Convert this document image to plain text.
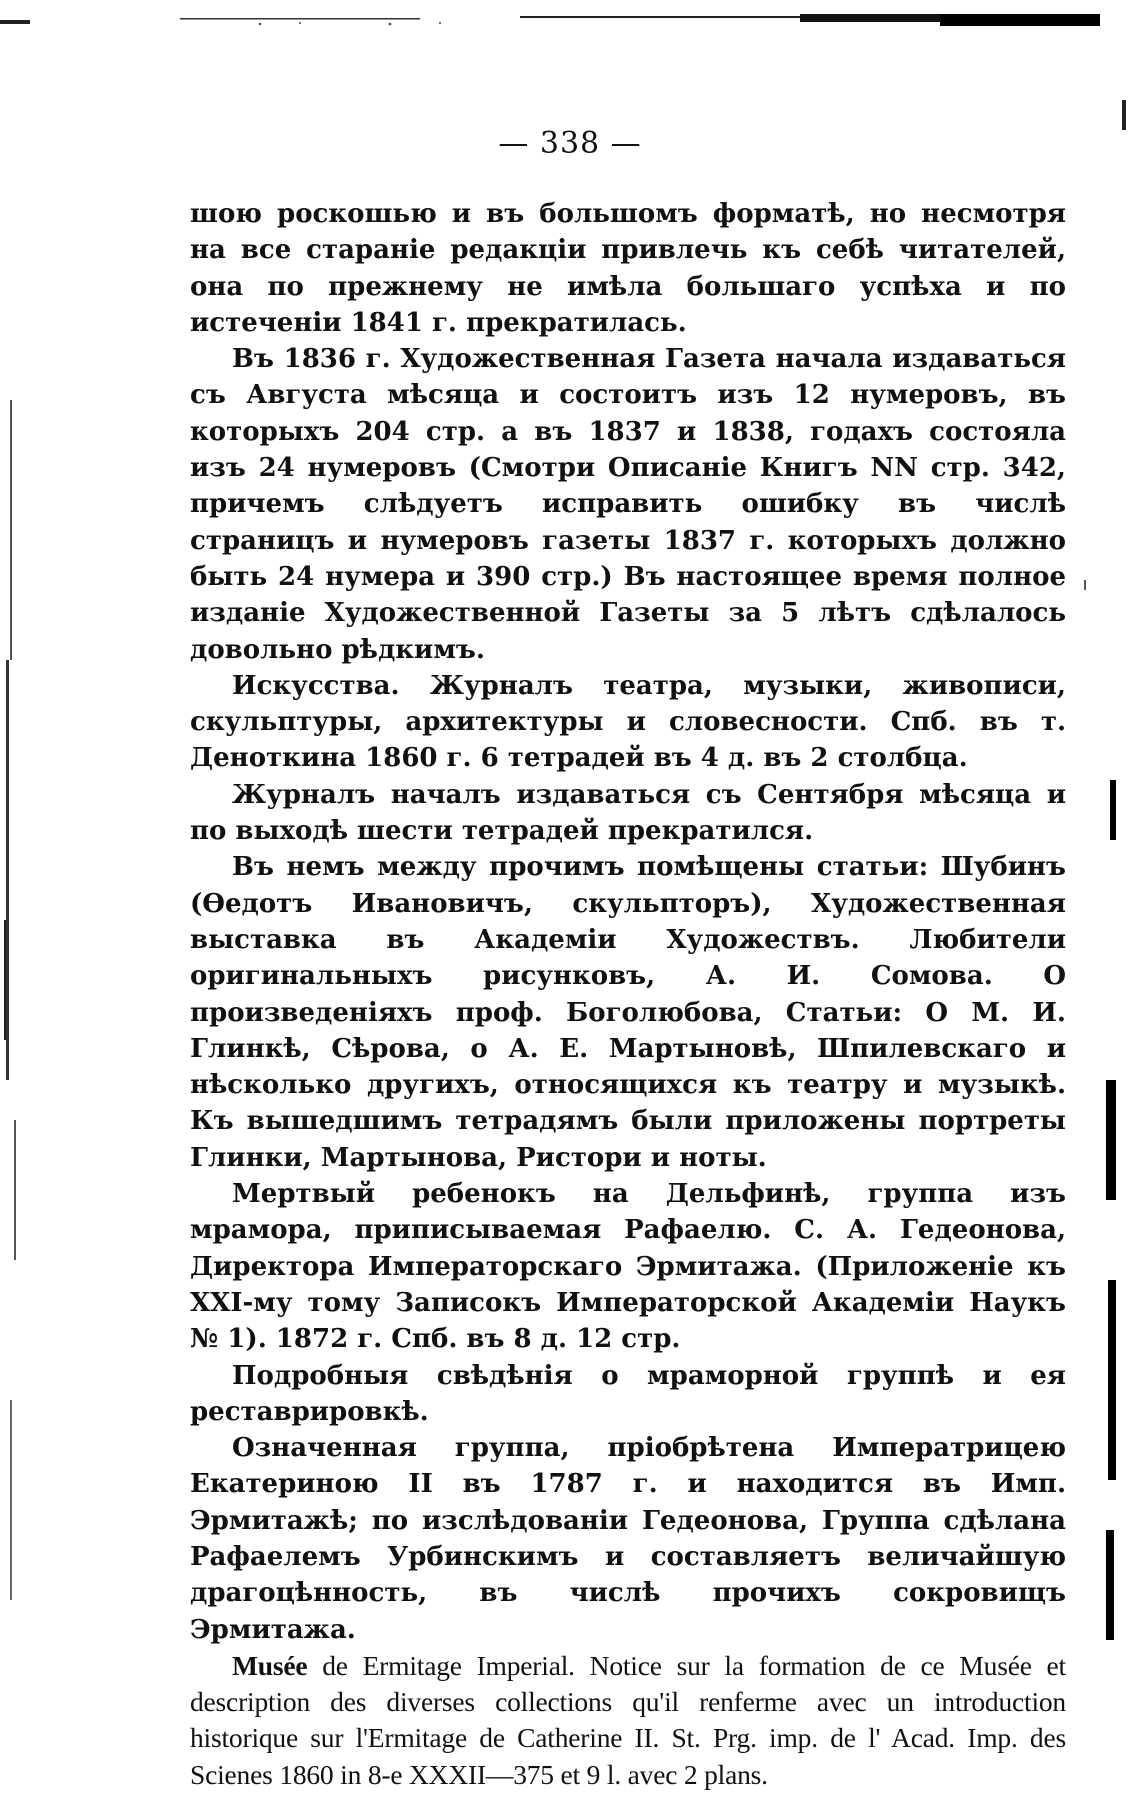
— 338 —

шою роскошью и въ большомъ форматѣ, но несмотря на все старанiе редакцiи привлечь къ себѣ читателей, она по прежнему не имѣла большаго успѣха и по истеченiи 1841 г. прекратилась.

Въ 1836 г. Художественная Газета начала издаваться съ Августа мѣсяца и состоитъ изъ 12 нумеровъ, въ которыхъ 204 стр. а въ 1837 и 1838, годахъ состояла изъ 24 нумеровъ (Смотри Описанiе Книгъ NN стр. 342, причемъ слѣдуетъ исправить ошибку въ числѣ страницъ и нумеровъ газеты 1837 г. которыхъ должно быть 24 нумера и 390 стр.) Въ настоящее время полное изданiе Художественной Газеты за 5 лѣтъ сдѣлалось довольно рѣдкимъ.

Искусства. Журналъ театра, музыки, живописи, скульптуры, архитектуры и словесности. Спб. въ т. Деноткина 1860 г. 6 тетрадей въ 4 д. въ 2 столбца.

Журналъ началъ издаваться съ Сентября мѣсяца и по выходѣ шести тетрадей прекратился.

Въ немъ между прочимъ помѣщены статьи: Шубинъ (Ѳедотъ Ивановичъ, скульпторъ), Художественная выставка въ Академiи Художествъ. Любители оригинальныхъ рисунковъ, А. И. Сомова. О произведенiяхъ проф. Боголюбова, Статьи: О М. И. Глинкѣ, Сѣрова, о А. Е. Мартыновѣ, Шпилевскаго и нѣсколько другихъ, относящихся къ театру и музыкѣ. Къ вышедшимъ тетрадямъ были приложены портреты Глинки, Мартынова, Ристори и ноты.

Мертвый ребенокъ на Дельфинѣ, группа изъ мрамора, приписываемая Рафаелю. С. А. Гедеонова, Директора Императорскаго Эрмитажа. (Приложенiе къ XXI-му тому Записокъ Императорской Академiи Наукъ № 1). 1872 г. Спб. въ 8 д. 12 стр.

Подробныя свѣдѣнiя о мраморной группѣ и ея реставрировкѣ.

Означенная группа, прiобрѣтена Императрицею Екатериною II въ 1787 г. и находится въ Имп. Эрмитажѣ; по изслѣдованiи Гедеонова, Группа сдѣлана Рафаелемъ Урбинскимъ и составляетъ величайшую драгоцѣнность, въ числѣ прочихъ сокровищъ Эрмитажа.

Musée de Ermitage Imperial. Notice sur la formation de ce Musée et description des diverses collections qu'il renferme avec un introduction historique sur l'Ermitage de Catherine II. St. Prg. imp. de l' Acad. Imp. des Scienes 1860 in 8-e XXXII—375 et 9 l. avec 2 plans.
